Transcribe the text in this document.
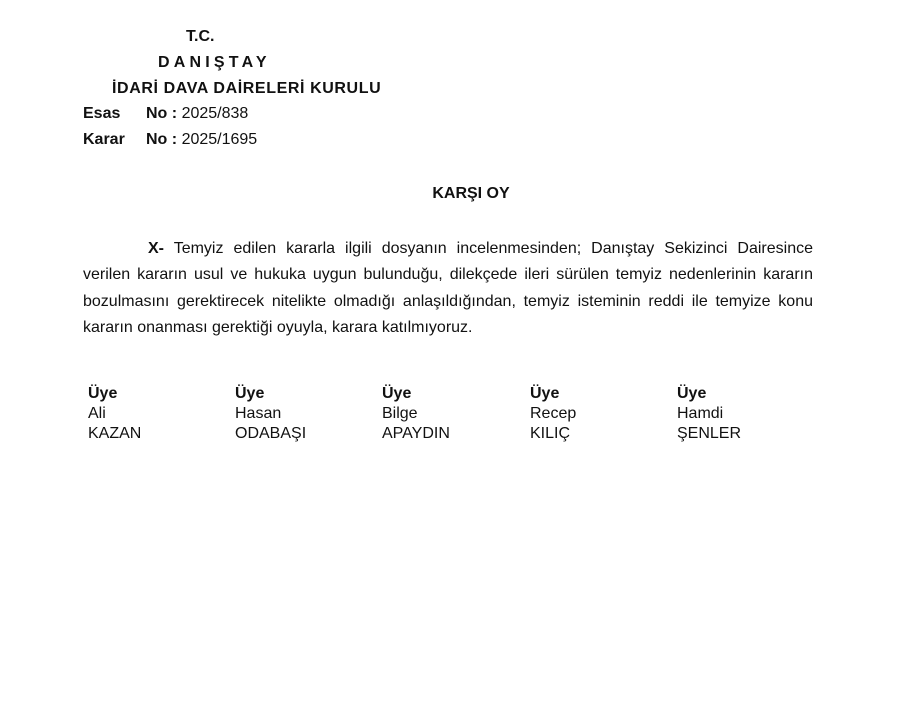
T.C.
DANIŞTAY
İDARİ DAVA DAİRELERİ KURULU
Esas No : 2025/838
Karar No : 2025/1695
KARŞI OY
X- Temyiz edilen kararla ilgili dosyanın incelenmesinden; Danıştay Sekizinci Dairesince verilen kararın usul ve hukuka uygun bulunduğu, dilekçede ileri sürülen temyiz nedenlerinin kararın bozulmasını gerektirecek nitelikte olmadığı anlaşıldığından, temyiz isteminin reddi ile temyize konu kararın onanması gerektiği oyuyla, karara katılmıyoruz.
Üye
Ali
KAZAN
Üye
Hasan
ODABAŞI
Üye
Bilge
APAYDIN
Üye
Recep
KILIÇ
Üye
Hamdi
ŞENLER
